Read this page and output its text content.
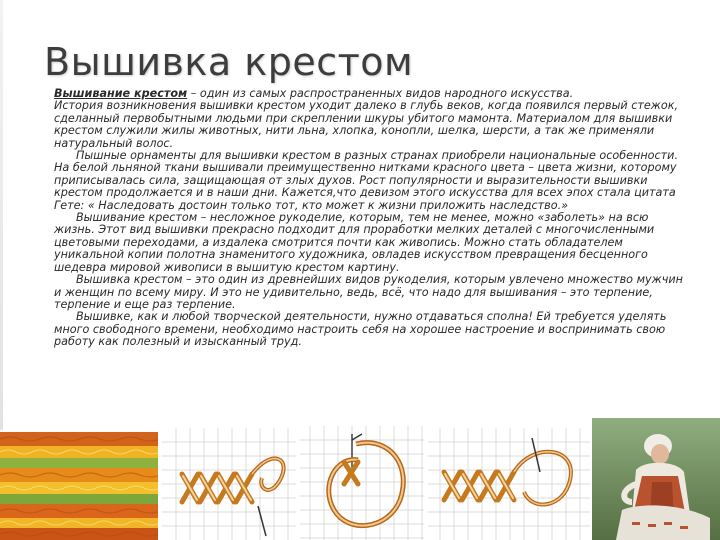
Вышивка крестом

Вышивание крестом – один из самых распространенных видов народного искусства.

История возникновения вышивки крестом уходит далеко в глубь веков, когда появился первый стежок, сделанный первобытными людьми при скреплении шкуры убитого мамонта. Материалом для вышивки крестом служили жилы животных, нити льна, хлопка, конопли, шелка, шерсти, а так же применяли натуральный волос.

Пышные орнаменты для вышивки крестом в разных странах приобрели национальные особенности. На белой льняной ткани вышивали преимущественно нитками красного цвета – цвета жизни, которому приписывалась сила, защищающая от злых духов. Рост популярности и выразительности вышивки крестом продолжается и в наши дни. Кажется,что девизом этого искусства для всех эпох стала цитата Гете: « Наследовать достоин только тот, кто может к жизни приложить наследство.»

Вышивание крестом – несложное рукоделие, которым, тем не менее, можно «заболеть» на всю жизнь. Этот вид вышивки прекрасно подходит для проработки мелких деталей с многочисленными цветовыми переходами, а издалека смотрится почти как живопись. Можно стать обладателем уникальной копии полотна знаменитого художника, овладев искусством превращения бесценного шедевра мировой живописи в вышитую крестом картину.

Вышивка крестом – это один из древнейших видов рукоделия, которым увлечено множество мужчин и женщин по всему миру. И это не удивительно, ведь, всё, что надо для вышивания – это терпение, терпение и еще раз терпение.

Вышивке, как и любой творческой деятельности, нужно отдаваться сполна! Ей требуется уделять много свободного времени, необходимо настроить себя на хорошее настроение и воспринимать свою работу как полезный и изысканный труд.
